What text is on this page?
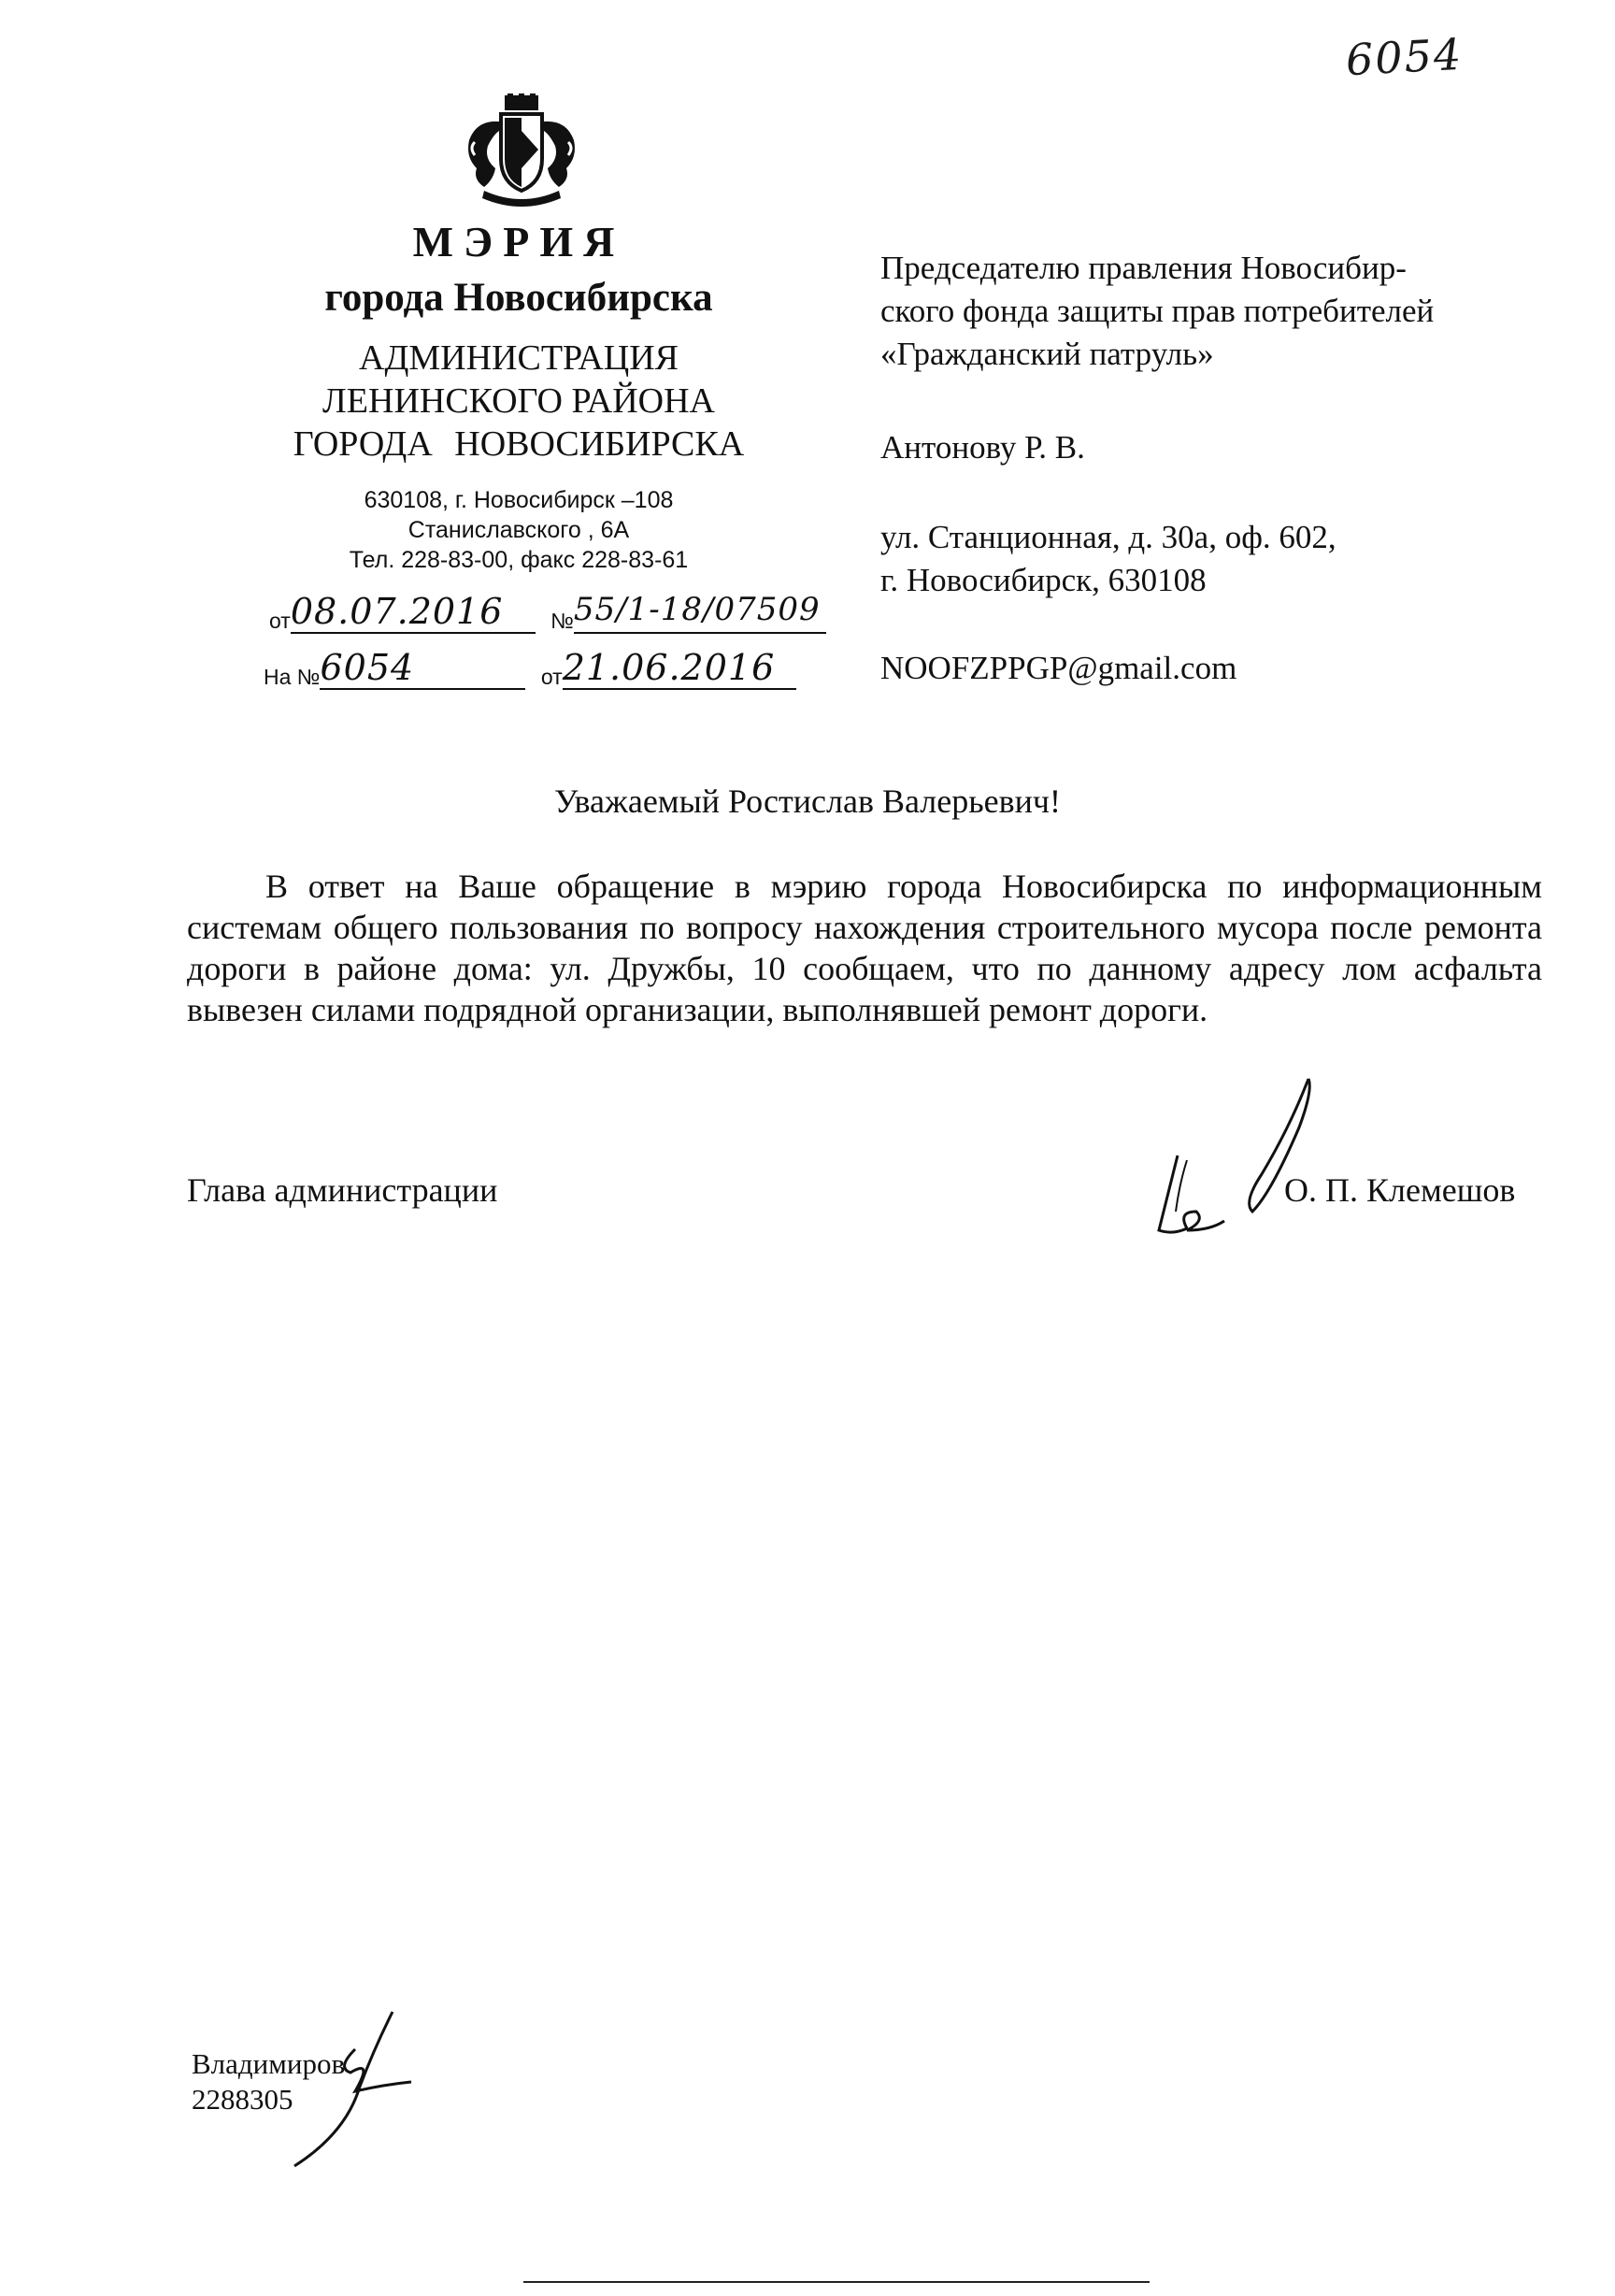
6054
МЭРИЯ
города Новосибирска
АДМИНИСТРАЦИЯ
ЛЕНИНСКОГО РАЙОНА
ГОРОДА НОВОСИБИРСКА
630108, г. Новосибирск –108
Станиславского , 6А
Тел. 228-83-00, факс 228-83-61
от08.07.2016 №55/1-18/07509
На №6054	от21.06.2016
Председателю правления Новосибир-
ского фонда защиты прав потребителей
«Гражданский патруль»
Антонову Р. В.
ул. Станционная, д. 30а, оф. 602,
г. Новосибирск, 630108
NOOFZPPGP@gmail.com
Уважаемый Ростислав Валерьевич!
В ответ на Ваше обращение в мэрию города Новосибирска по информационным системам общего пользования по вопросу нахождения строительного мусора после ремонта дороги в районе дома: ул. Дружбы, 10 сообщаем, что по данному адресу лом асфальта вывезен силами подрядной организации, выполнявшей ремонт дороги.
Глава администрации	О. П. Клемешов
Владимиров
2288305
